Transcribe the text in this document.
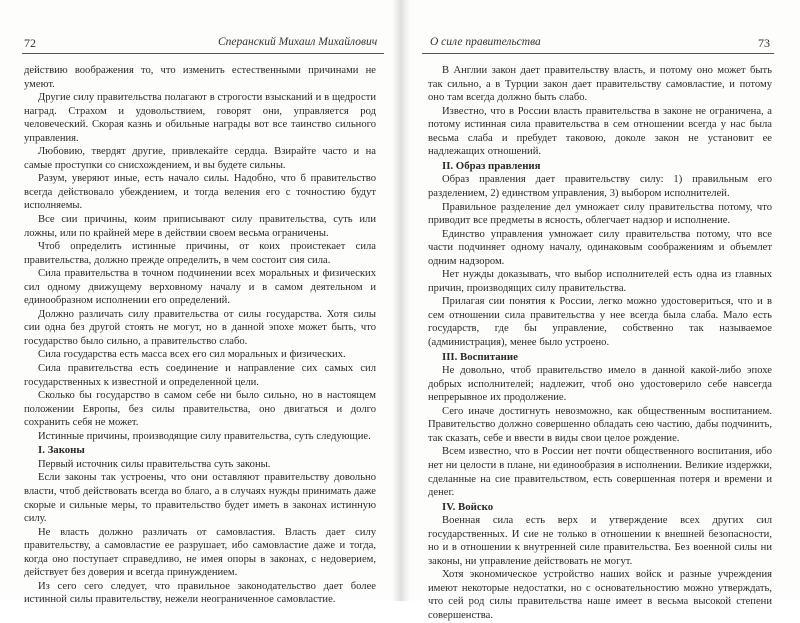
72	Сперанский Михаил Михайлович

действию воображения то, что изменить естественными причинами не умеют.

Другие силу правительства полагают в строгости взысканий и в щедрости наград. Страхом и удовольствием, говорят они, управляется род человеческий. Скорая казнь и обильные награды вот все таинство сильного управления.

Любовию, твердят другие, привлекайте сердца. Взирайте часто и на самые проступки со снисхождением, и вы будете сильны.

Разум, уверяют иные, есть начало силы. Надобно, что б правительство всегда действовало убеждением, и тогда веления его с точностию будут исполняемы.

Все сии причины, коим приписывают силу правительства, суть или ложны, или по крайней мере в действии своем весьма ограничены.

Чтоб определить истинные причины, от коих проистекает сила правительства, должно прежде определить, в чем состоит сия сила.

Сила правительства в точном подчинении всех моральных и физических сил одному движущему верховному началу и в самом деятельном и единообразном исполнении его определений.

Должно различать силу правительства от силы государства. Хотя силы сии одна без другой стоять не могут, но в данной эпохе может быть, что государство было сильно, а правительство слабо.

Сила государства есть масса всех его сил моральных и физических.

Сила правительства есть соединение и направление сих самых сил государственных к известной и определенной цели.

Сколько бы государство в самом себе ни было сильно, но в настоящем положении Европы, без силы правительства, оно двигаться и долго сохранить себя не может.

Истинные причины, производящие силу правительства, суть следующие.

I. Законы

Первый источник силы правительства суть законы.

Если законы так устроены, что они оставляют правительству довольно власти, чтоб действовать всегда во благо, а в случаях нужды принимать даже скорые и сильные меры, то правительство будет иметь в законах истинную силу.

Не власть должно различать от самовластия. Власть дает силу правительству, а самовластие ее разрушает, ибо самовластие даже и тогда, когда оно поступает справедливо, не имея опоры в законах, с недоверием, действует без доверия и всегда принуждением.

Из сего сего следует, что правильное законодательство дает более истинной силы правительству, нежели неограниченное самовластие.

О силе правительства	73

В Англии закон дает правительству власть, и потому оно может быть так сильно, а в Турции закон дает правительству самовластие, и потому оно там всегда должно быть слабо.

Известно, что в России власть правительства в законе не ограничена, а потому истинная сила правительства в сем отношении всегда у нас была весьма слаба и пребудет таковою, доколе закон не установит ее надлежащих отношений.

II. Образ правления

Образ правления дает правительству силу: 1) правильным его разделением, 2) единством управления, 3) выбором исполнителей.

Правильное разделение дел умножает силу правительства потому, что приводит все предметы в ясность, облегчает надзор и исполнение.

Единство управления умножает силу правительства потому, что все части подчиняет одному началу, одинаковым соображениям и объемлет одним надзором.

Нет нужды доказывать, что выбор исполнителей есть одна из главных причин, производящих силу правительства.

Прилагая сии понятия к России, легко можно удостовериться, что и в сем отношении сила правительства у нее всегда была слаба. Мало есть государств, где бы управление, собственно так называемое (администрация), менее было устроено.

III. Воспитание

Не довольно, чтоб правительство имело в данной какой-либо эпохе добрых исполнителей; надлежит, чтоб оно удостоверило себе навсегда непрерывное их продолжение.

Сего иначе достигнуть невозможно, как общественным воспитанием. Правительство должно совершенно обладать сею частию, дабы подчинить, так сказать, себе и ввести в виды свои целое рождение.

Всем известно, что в России нет почти общественного воспитания, ибо нет ни целости в плане, ни единообразия в исполнении. Великие издержки, сделанные на сие правительством, есть совершенная потеря и времени и денег.

IV. Войско

Военная сила есть верх и утверждение всех других сил государственных. И сие не только в отношении к внешней безопасности, но и в отношении к внутренней силе правительства. Без военной силы ни законы, ни управление действовать не могут.

Хотя экономическое устройство наших войск и разные учреждения имеют некоторые недостатки, но с основательностию можно утверждать, что сей род силы правительства наше имеет в весьма высокой степени совершенства.
